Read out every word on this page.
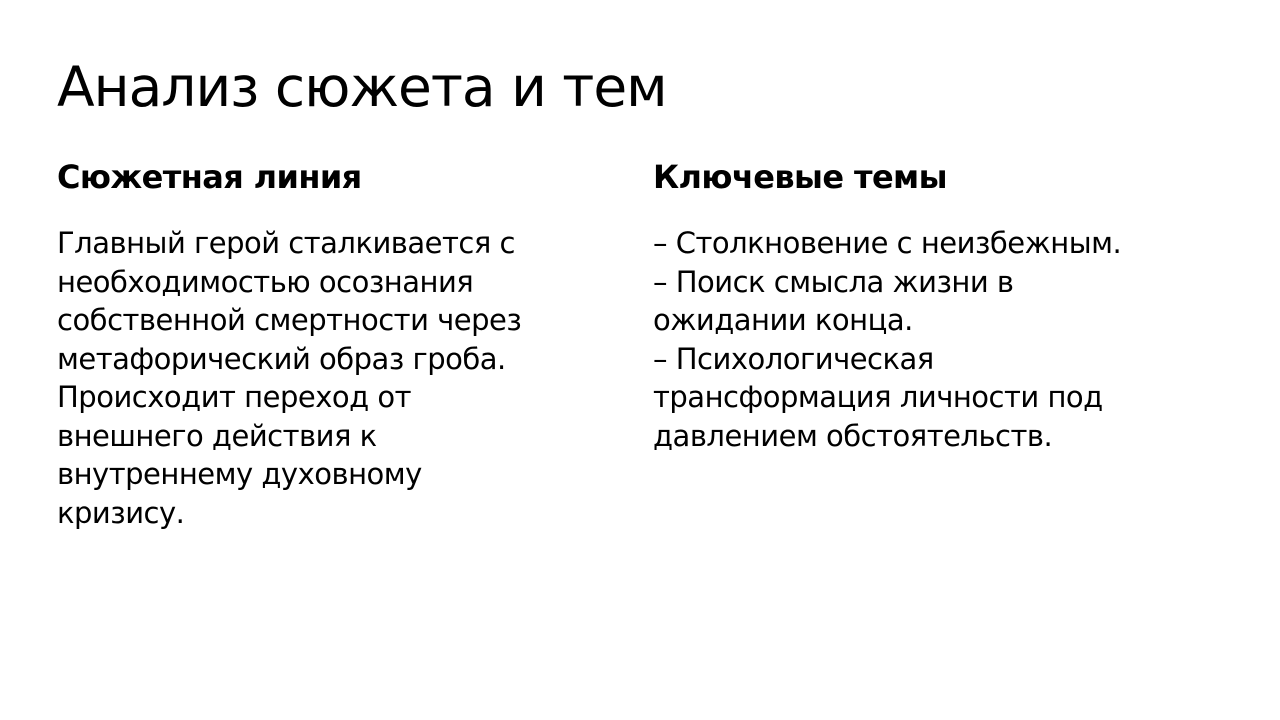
Анализ сюжета и тем
Сюжетная линия
Главный герой сталкивается с
необходимостью осознания
собственной смертности через
метафорический образ гроба.
Происходит переход от
внешнего действия к
внутреннему духовному
кризису.
Ключевые темы
– Столкновение с неизбежным.
– Поиск смысла жизни в
ожидании конца.
– Психологическая
трансформация личности под
давлением обстоятельств.
